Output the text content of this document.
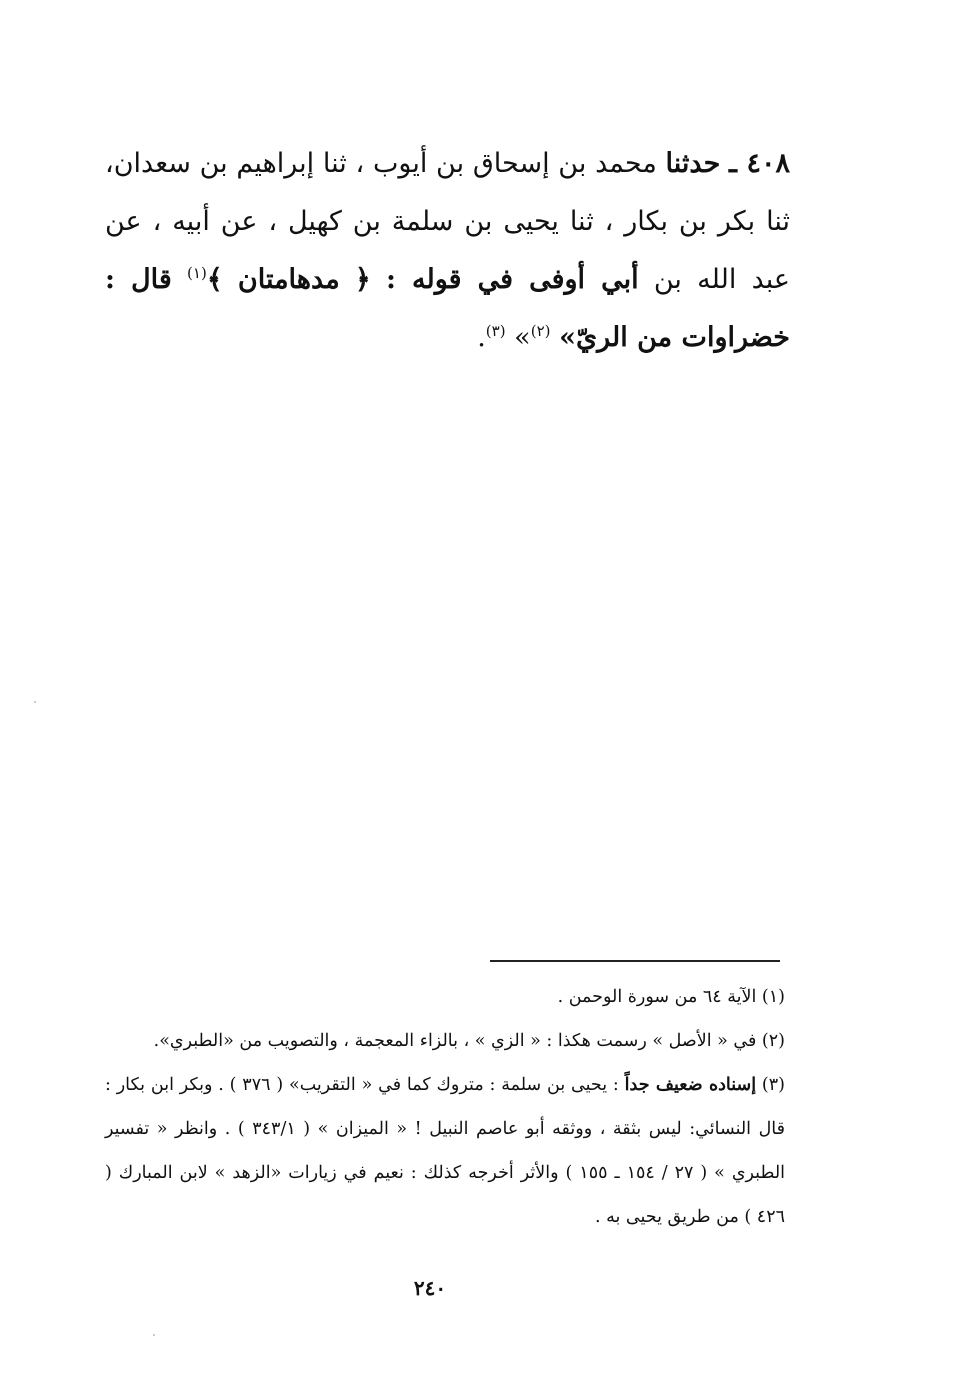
٤٠٨ ـ حدثنا محمد بن إسحاق بن أيوب ، ثنا إبراهيم بن سعدان، ثنا بكر بن بكار ، ثنا يحيى بن سلمة بن كهيل ، عن أبيه ، عن عبد الله بن أبي أوفى في قوله : ﴿ مدهامتان ﴾$^{(١)}$ قال : خضراوات من الريّ» $^{(٢)}$» $^{(٣)}$.

(١) الآية ٦٤ من سورة الوحمن .

(٢) في « الأصل » رسمت هكذا : « الزي » ، بالزاء المعجمة ، والتصويب من «الطبري».

(٣) إسناده ضعيف جداً : يحيى بن سلمة : متروك كما في « التقريب» ( ٣٧٦ ) . وبكر ابن بكار : قال النسائي: ليس بثقة ، ووثقه أبو عاصم النبيل ! « الميزان » ( ٣٤٣/١ ) . وانظر « تفسير الطبري » ( ٢٧ / ١٥٤ ـ ١٥٥ ) والأثر أخرجه كذلك : نعيم في زيارات «الزهد » لابن المبارك ( ٤٢٦ ) من طريق يحيى به .

٢٤٠
